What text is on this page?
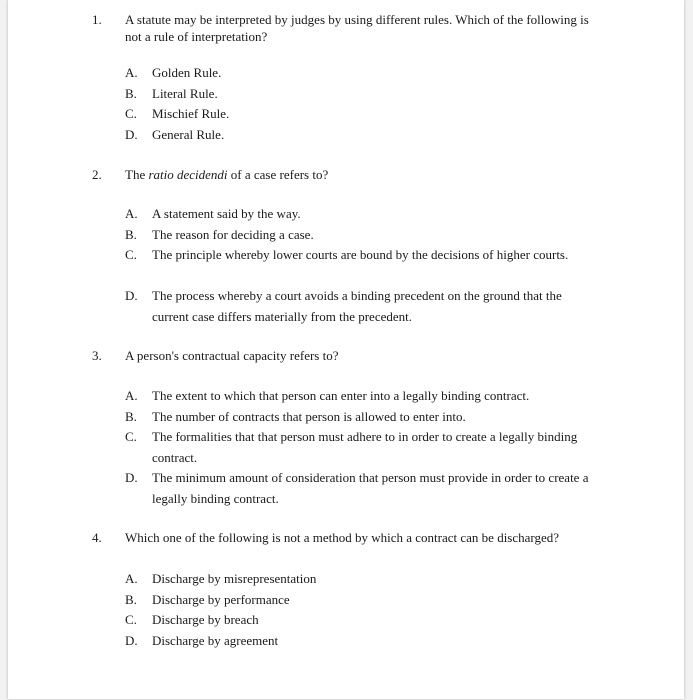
1. A statute may be interpreted by judges by using different rules. Which of the following is not a rule of interpretation?
A. Golden Rule.
B. Literal Rule.
C. Mischief Rule.
D. General Rule.
2. The ratio decidendi of a case refers to?
A. A statement said by the way.
B. The reason for deciding a case.
C. The principle whereby lower courts are bound by the decisions of higher courts.
D. The process whereby a court avoids a binding precedent on the ground that the current case differs materially from the precedent.
3. A person's contractual capacity refers to?
A. The extent to which that person can enter into a legally binding contract.
B. The number of contracts that person is allowed to enter into.
C. The formalities that that person must adhere to in order to create a legally binding contract.
D. The minimum amount of consideration that person must provide in order to create a legally binding contract.
4. Which one of the following is not a method by which a contract can be discharged?
A. Discharge by misrepresentation
B. Discharge by performance
C. Discharge by breach
D. Discharge by agreement
